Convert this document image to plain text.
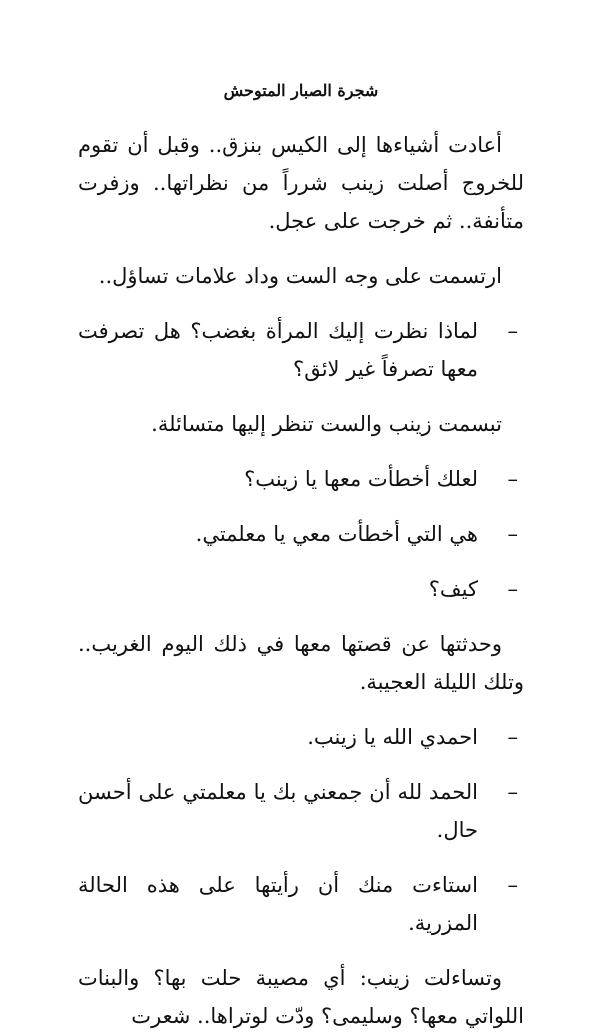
شجرة الصبار المتوحش

أعادت أشياءها إلى الكيس بنزق.. وقبل أن تقوم للخروج أصلت زينب شرراً من نظراتها.. وزفرت متأنفة.. ثم خرجت على عجل.

ارتسمت على وجه الست وداد علامات تساؤل..

–
لماذا نظرت إليك المرأة بغضب؟ هل تصرفت معها تصرفاً غير لائق؟

تبسمت زينب والست تنظر إليها متسائلة.

–
لعلك أخطأت معها يا زينب؟
–
هي التي أخطأت معي يا معلمتي.
–
كيف؟

وحدثتها عن قصتها معها في ذلك اليوم الغريب.. وتلك الليلة العجيبة.

–
احمدي الله يا زينب.
–
الحمد لله أن جمعني بك يا معلمتي على أحسن حال.
–
استاءت منك أن رأيتها على هذه الحالة المزرية.

وتساءلت زينب: أي مصيبة حلت بها؟ والبنات اللواتي معها؟ وسليمى؟ ودّت لوتراها.. شعرت
